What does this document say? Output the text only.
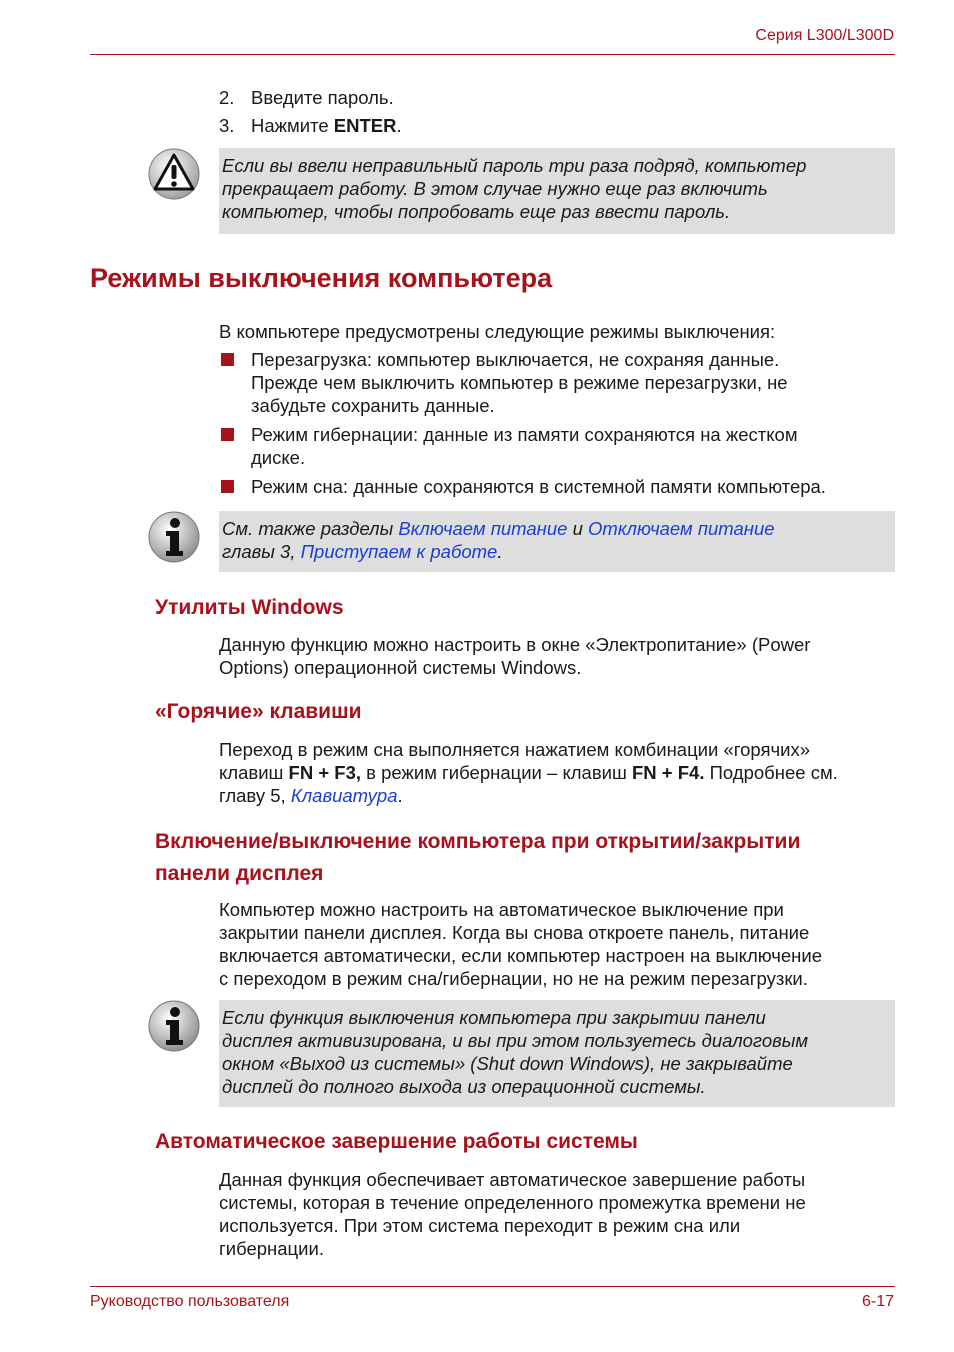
Серия L300/L300D
2. Введите пароль.
3. Нажмите ENTER.
Если вы ввели неправильный пароль три раза подряд, компьютер
прекращает работу. В этом случае нужно еще раз включить
компьютер, чтобы попробовать еще раз ввести пароль.
Режимы выключения компьютера
В компьютере предусмотрены следующие режимы выключения:
Перезагрузка: компьютер выключается, не сохраняя данные.
Прежде чем выключить компьютер в режиме перезагрузки, не
забудьте сохранить данные.
Режим гибернации: данные из памяти сохраняются на жестком
диске.
Режим сна: данные сохраняются в системной памяти компьютера.
См. также разделы Включаем питание и Отключаем питание
главы 3, Приступаем к работе.
Утилиты Windows
Данную функцию можно настроить в окне «Электропитание» (Power
Options) операционной системы Windows.
«Горячие» клавиши
Переход в режим сна выполняется нажатием комбинации «горячих»
клавиш FN + F3, в режим гибернации – клавиш FN + F4. Подробнее см.
главу 5, Клавиатура.
Включение/выключение компьютера при открытии/закрытии
панели дисплея
Компьютер можно настроить на автоматическое выключение при
закрытии панели дисплея. Когда вы снова откроете панель, питание
включается автоматически, если компьютер настроен на выключение
с переходом в режим сна/гибернации, но не на режим перезагрузки.
Если функция выключения компьютера при закрытии панели
дисплея активизирована, и вы при этом пользуетесь диалоговым
окном «Выход из системы» (Shut down Windows), не закрывайте
дисплей до полного выхода из операционной системы.
Автоматическое завершение работы системы
Данная функция обеспечивает автоматическое завершение работы
системы, которая в течение определенного промежутка времени не
используется. При этом система переходит в режим сна или
гибернации.
Руководство пользователя	6-17
